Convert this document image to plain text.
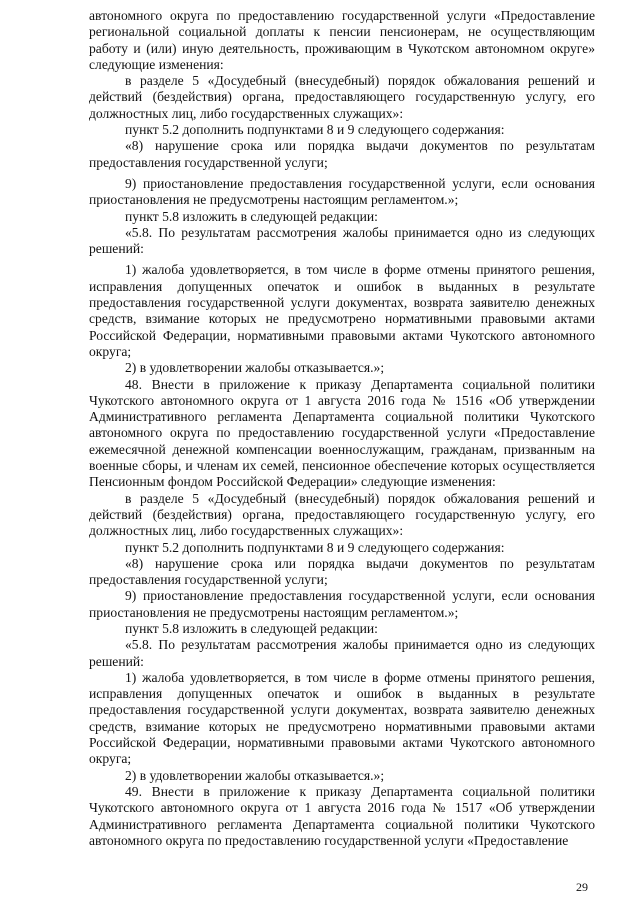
автономного округа по предоставлению государственной услуги «Предоставление региональной социальной доплаты к пенсии пенсионерам, не осуществляющим работу и (или) иную деятельность, проживающим в Чукотском автономном округе» следующие изменения:

в разделе 5 «Досудебный (внесудебный) порядок обжалования решений и действий (бездействия) органа, предоставляющего государственную услугу, его должностных лиц, либо государственных служащих»:

пункт 5.2 дополнить подпунктами 8 и 9 следующего содержания:

«8) нарушение срока или порядка выдачи документов по результатам предоставления государственной услуги;

9) приостановление предоставления государственной услуги, если основания приостановления не предусмотрены настоящим регламентом.»;

пункт 5.8 изложить в следующей редакции:

«5.8. По результатам рассмотрения жалобы принимается одно из следующих решений:

1) жалоба удовлетворяется, в том числе в форме отмены принятого решения, исправления допущенных опечаток и ошибок в выданных в результате предоставления государственной услуги документах, возврата заявителю денежных средств, взимание которых не предусмотрено нормативными правовыми актами Российской Федерации, нормативными правовыми актами Чукотского автономного округа;

2) в удовлетворении жалобы отказывается.»;

48. Внести в приложение к приказу Департамента социальной политики Чукотского автономного округа от 1 августа 2016 года № 1516 «Об утверждении Административного регламента Департамента социальной политики Чукотского автономного округа по предоставлению государственной услуги «Предоставление ежемесячной денежной компенсации военнослужащим, гражданам, призванным на военные сборы, и членам их семей, пенсионное обеспечение которых осуществляется Пенсионным фондом Российской Федерации» следующие изменения:

в разделе 5 «Досудебный (внесудебный) порядок обжалования решений и действий (бездействия) органа, предоставляющего государственную услугу, его должностных лиц, либо государственных служащих»:

пункт 5.2 дополнить подпунктами 8 и 9 следующего содержания:

«8) нарушение срока или порядка выдачи документов по результатам предоставления государственной услуги;

9) приостановление предоставления государственной услуги, если основания приостановления не предусмотрены настоящим регламентом.»;

пункт 5.8 изложить в следующей редакции:

«5.8. По результатам рассмотрения жалобы принимается одно из следующих решений:

1) жалоба удовлетворяется, в том числе в форме отмены принятого решения, исправления допущенных опечаток и ошибок в выданных в результате предоставления государственной услуги документах, возврата заявителю денежных средств, взимание которых не предусмотрено нормативными правовыми актами Российской Федерации, нормативными правовыми актами Чукотского автономного округа;

2) в удовлетворении жалобы отказывается.»;

49. Внести в приложение к приказу Департамента социальной политики Чукотского автономного округа от 1 августа 2016 года № 1517 «Об утверждении Административного регламента Департамента социальной политики Чукотского автономного округа по предоставлению государственной услуги «Предоставление

29
